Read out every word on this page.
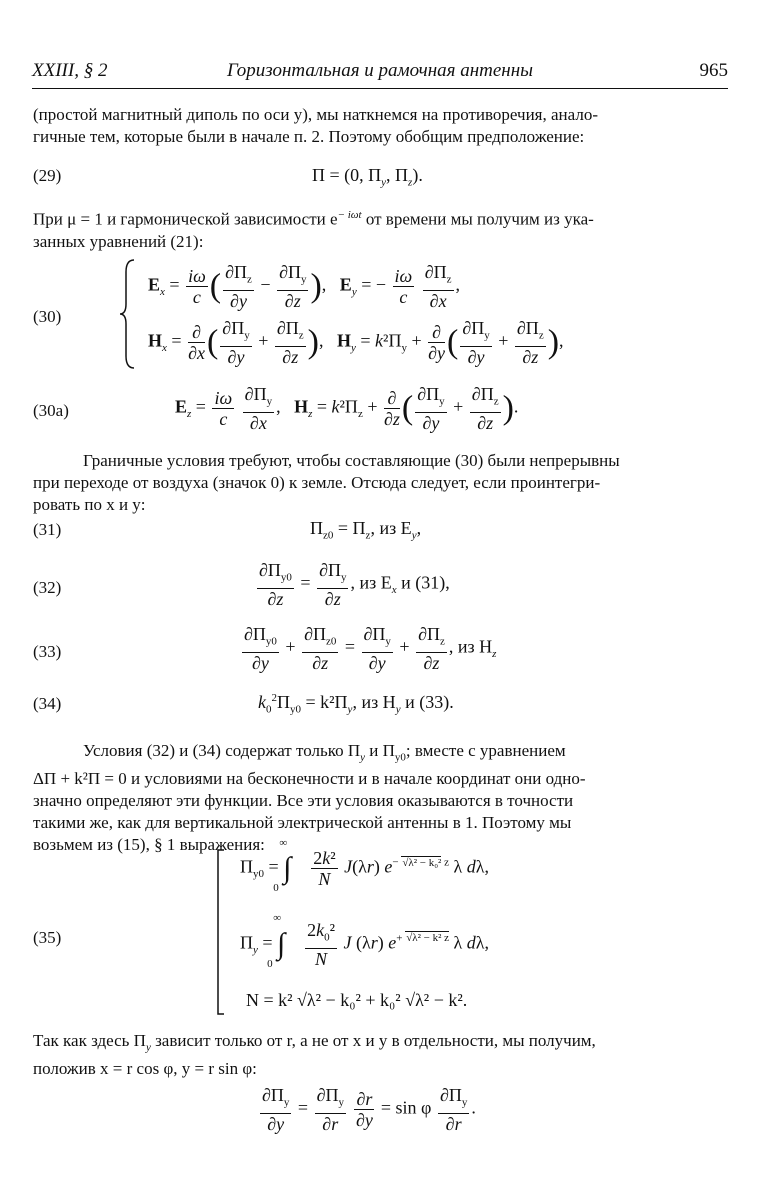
XXIII, § 2	Горизонтальная и рамочная антенны	965
(простой магнитный диполь по оси y), мы наткнемся на противоречия, анало-
гичные тем, которые были в начале п. 2. Поэтому обобщим предположение:
(29)	Π = (0, $\Pi_y$, $\Pi_z$).
При μ = 1 и гармонической зависимости $e^{- i\omega t}$ от времени мы получим из ука-
занных уравнений (21):
(30)
$E_x = \frac{i\omega}{c}$ ( $\frac{\partial\Pi_z}{\partial y} - \frac{\partial\Pi_y}{\partial z}$ ),   $E_y$ = − $\frac{i\omega}{c}$
$\frac{\partial\Pi_z}{\partial x}$ ,
$H_x = \frac{\partial}{\partial x}$ ( $\frac{\partial\Pi_y}{\partial y} + \frac{\partial\Pi_z}{\partial z}$ ),   $H_y = k^2\Pi_y + \frac{\partial}{\partial y}$ ( $\frac{\partial\Pi_y}{\partial y} + \frac{\partial\Pi_z}{\partial z}$ ),
(30a)	$E_z = \frac{i\omega}{c}$
$\frac{\partial\Pi_y}{\partial x}$ ,   $H_z = k^2\Pi_z + \frac{\partial}{\partial z}$ ( $\frac{\partial\Pi_y}{\partial y} + \frac{\partial\Pi_z}{\partial z}$ ).
Граничные условия требуют, чтобы составляющие (30) были непрерывны
при переходе от воздуха (значок 0) к земле. Отсюда следует, если проинтегри-
ровать по x и y:
(31)	$\Pi_{z0} = \Pi_z$, из $E_y$,
(32)	$\frac{\partial\Pi_{y0}}{\partial z} = \frac{\partial\Pi_y}{\partial z}$ , из $E_x$ и (31),
(33)	$\frac{\partial\Pi_{y0}}{\partial y} + \frac{\partial\Pi_{z0}}{\partial z} = \frac{\partial\Pi_y}{\partial y} + \frac{\partial\Pi_z}{\partial z}$ , из $H_z$
(34)	$k_0^2\Pi_{y0} = k^2\Pi_y$, из $H_y$ и (33).
Условия (32) и (34) содержат только $\Pi_y$ и $\Pi_{y0}$; вместе с уравнением
ΔΠ + k²Π = 0 и условиями на бесконечности и в начале координат они одно-
значно определяют эти функции. Все эти условия оказываются в точности
такими же, как для вертикальной электрической антенны в 1. Поэтому мы
возьмем из (15), § 1 выражения:
(35)
$\Pi_{y0} = \int^\infty_0 \frac{\text{2k²}}{N} J(\lambda r)$ $e^{- √\lambda^2 - k_0^2 z}$ λ dλ,
$\Pi_y = \int^\infty_0 \frac{2k_0^2}{N}$ J (λr) $e^{+ √\lambda^2 - k^2 z}$ λ dλ,
N = k² √λ² − k₀² + k₀² √λ² − k².
Так как здесь $\Pi_y$ зависит только от r, а не от x и y в отдельности, мы получим,
положив x = r cos φ, y = r sin φ:
$\frac{\partial\Pi_y}{\partial y} = \frac{\partial\Pi_y}{\partial r}$
$\frac{\partial r}{\partial y} = \sin \varphi \frac{\partial\Pi_y}{\partial r}$ .
